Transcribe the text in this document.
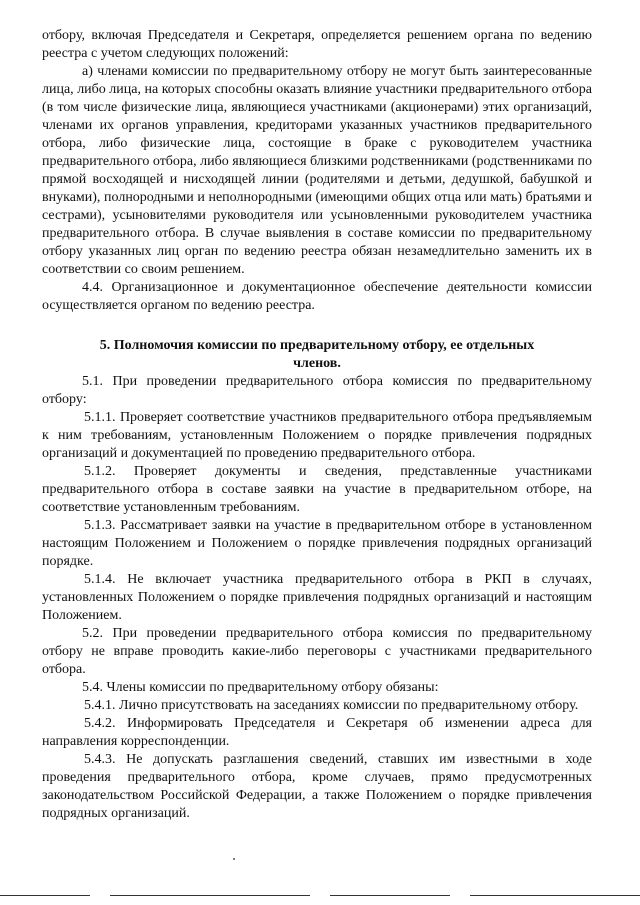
отбору, включая Председателя и Секретаря, определяется решением органа по ведению реестра с учетом следующих положений:

а) членами комиссии по предварительному отбору не могут быть заинтересованные лица, либо лица, на которых способны оказать влияние участники предварительного отбора (в том числе физические лица, являющиеся участниками (акционерами) этих организаций, членами их органов управления, кредиторами указанных участников предварительного отбора, либо физические лица, состоящие в браке с руководителем участника предварительного отбора, либо являющиеся близкими родственниками (родственниками по прямой восходящей и нисходящей линии (родителями и детьми, дедушкой, бабушкой и внуками), полнородными и неполнородными (имеющими общих отца или мать) братьями и сестрами), усыновителями руководителя или усыновленными руководителем участника предварительного отбора. В случае выявления в составе комиссии по предварительному отбору указанных лиц орган по ведению реестра обязан незамедлительно заменить их в соответствии со своим решением.

4.4. Организационное и документационное обеспечение деятельности комиссии осуществляется органом по ведению реестра.

5. Полномочия комиссии по предварительному отбору, ее отдельных членов.

5.1. При проведении предварительного отбора комиссия по предварительному отбору:

5.1.1. Проверяет соответствие участников предварительного отбора предъявляемым к ним требованиям, установленным Положением о порядке привлечения подрядных организаций и документацией по проведению предварительного отбора.

5.1.2. Проверяет документы и сведения, представленные участниками предварительного отбора в составе заявки на участие в предварительном отборе, на соответствие установленным требованиям.

5.1.3. Рассматривает заявки на участие в предварительном отборе в установленном настоящим Положением и Положением о порядке привлечения подрядных организаций порядке.

5.1.4. Не включает участника предварительного отбора в РКП в случаях, установленных Положением о порядке привлечения подрядных организаций и настоящим Положением.

5.2. При проведении предварительного отбора комиссия по предварительному отбору не вправе проводить какие-либо переговоры с участниками предварительного отбора.

5.4. Члены комиссии по предварительному отбору обязаны:

5.4.1. Лично присутствовать на заседаниях комиссии по предварительному отбору.

5.4.2. Информировать Председателя и Секретаря об изменении адреса для направления корреспонденции.

5.4.3. Не допускать разглашения сведений, ставших им известными в ходе проведения предварительного отбора, кроме случаев, прямо предусмотренных законодательством Российской Федерации, а также Положением о порядке привлечения подрядных организаций.
